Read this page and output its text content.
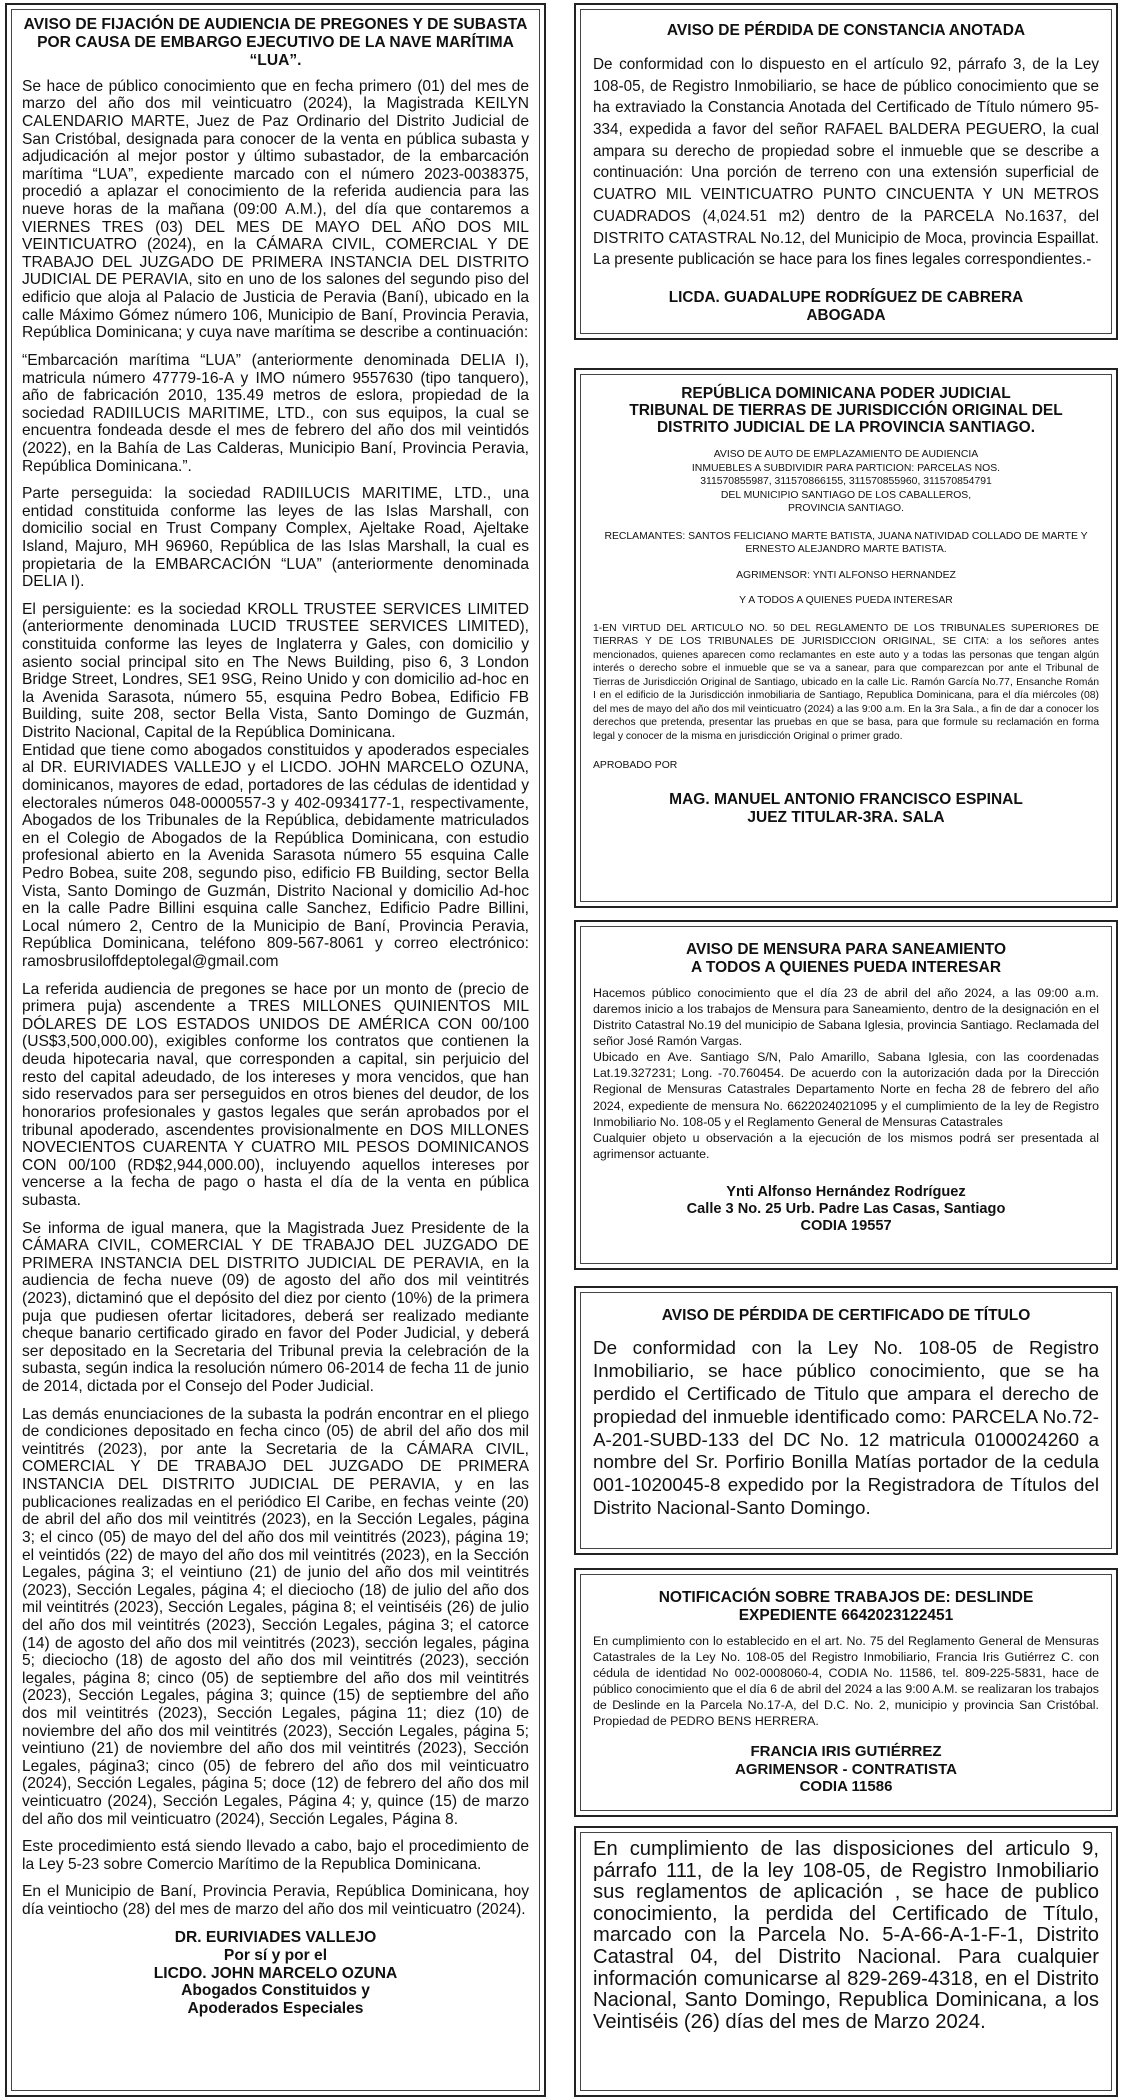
AVISO DE FIJACIÓN DE AUDIENCIA DE PREGONES Y DE SUBASTA POR CAUSA DE EMBARGO EJECUTIVO DE LA NAVE MARÍTIMA “LUA”.

Se hace de público conocimiento que en fecha primero (01) del mes de marzo del año dos mil veinticuatro (2024), la Magistrada KEILYN CALENDARIO MARTE, Juez de Paz Ordinario del Distrito Judicial de San Cristóbal, designada para conocer de la venta en pública subasta y adjudicación al mejor postor y último subastador, de la embarcación marítima “LUA”, expediente marcado con el número 2023-0038375, procedió a aplazar el conocimiento de la referida audiencia para las nueve horas de la mañana (09:00 A.M.), del día que contaremos a VIERNES TRES (03) DEL MES DE MAYO DEL AÑO DOS MIL VEINTICUATRO (2024), en la CÁMARA CIVIL, COMERCIAL Y DE TRABAJO DEL JUZGADO DE PRIMERA INSTANCIA DEL DISTRITO JUDICIAL DE PERAVIA, sito en uno de los salones del segundo piso del edificio que aloja al Palacio de Justicia de Peravia (Baní), ubicado en la calle Máximo Gómez número 106, Municipio de Baní, Provincia Peravia, República Dominicana; y cuya nave marítima se describe a continuación:

“Embarcación marítima “LUA” (anteriormente denominada DELIA I), matricula número 47779-16-A y IMO número 9557630 (tipo tanquero), año de fabricación 2010, 135.49 metros de eslora, propiedad de la sociedad RADIILUCIS MARITIME, LTD., con sus equipos, la cual se encuentra fondeada desde el mes de febrero del año dos mil veintidós (2022), en la Bahía de Las Calderas, Municipio Baní, Provincia Peravia, República Dominicana.”.

Parte perseguida: la sociedad RADIILUCIS MARITIME, LTD., una entidad constituida conforme las leyes de las Islas Marshall, con domicilio social en Trust Company Complex, Ajeltake Road, Ajeltake Island, Majuro, MH 96960, República de las Islas Marshall, la cual es propietaria de la EMBARCACIÓN “LUA” (anteriormente denominada DELIA I).

El persiguiente: es la sociedad KROLL TRUSTEE SERVICES LIMITED (anteriormente denominada LUCID TRUSTEE SERVICES LIMITED), constituida conforme las leyes de Inglaterra y Gales, con domicilio y asiento social principal sito en The News Building, piso 6, 3 London Bridge Street, Londres, SE1 9SG, Reino Unido y con domicilio ad-hoc en la Avenida Sarasota, número 55, esquina Pedro Bobea, Edificio FB Building, suite 208, sector Bella Vista, Santo Domingo de Guzmán, Distrito Nacional, Capital de la República Dominicana.
Entidad que tiene como abogados constituidos y apoderados especiales al DR. EURIVIADES VALLEJO y el LICDO. JOHN MARCELO OZUNA, dominicanos, mayores de edad, portadores de las cédulas de identidad y electorales números 048-0000557-3 y 402-0934177-1, respectivamente, Abogados de los Tribunales de la República, debidamente matriculados en el Colegio de Abogados de la República Dominicana, con estudio profesional abierto en la Avenida Sarasota número 55 esquina Calle Pedro Bobea, suite 208, segundo piso, edificio FB Building, sector Bella Vista, Santo Domingo de Guzmán, Distrito Nacional y domicilio Ad-hoc en la calle Padre Billini esquina calle Sanchez, Edificio Padre Billini, Local número 2, Centro de la Municipio de Baní, Provincia Peravia, República Dominicana, teléfono 809-567-8061 y correo electrónico: ramosbrusiloffdeptolegal@gmail.com

La referida audiencia de pregones se hace por un monto de (precio de primera puja) ascendente a TRES MILLONES QUINIENTOS MIL DÓLARES DE LOS ESTADOS UNIDOS DE AMÉRICA CON 00/100 (US$3,500,000.00), exigibles conforme los contratos que contienen la deuda hipotecaria naval, que corresponden a capital, sin perjuicio del resto del capital adeudado, de los intereses y mora vencidos, que han sido reservados para ser perseguidos en otros bienes del deudor, de los honorarios profesionales y gastos legales que serán aprobados por el tribunal apoderado, ascendentes provisionalmente en DOS MILLONES NOVECIENTOS CUARENTA Y CUATRO MIL PESOS DOMINICANOS CON 00/100 (RD$2,944,000.00), incluyendo aquellos intereses por vencerse a la fecha de pago o hasta el día de la venta en pública subasta.

Se informa de igual manera, que la Magistrada Juez Presidente de la CÁMARA CIVIL, COMERCIAL Y DE TRABAJO DEL JUZGADO DE PRIMERA INSTANCIA DEL DISTRITO JUDICIAL DE PERAVIA, en la audiencia de fecha nueve (09) de agosto del año dos mil veintitrés (2023), dictaminó que el depósito del diez por ciento (10%) de la primera puja que pudiesen ofertar licitadores, deberá ser realizado mediante cheque banario certificado girado en favor del Poder Judicial, y deberá ser depositado en la Secretaria del Tribunal previa la celebración de la subasta, según indica la resolución número 06-2014 de fecha 11 de junio de 2014, dictada por el Consejo del Poder Judicial.

Las demás enunciaciones de la subasta la podrán encontrar en el pliego de condiciones depositado en fecha cinco (05) de abril del año dos mil veintitrés (2023), por ante la Secretaria de la CÁMARA CIVIL, COMERCIAL Y DE TRABAJO DEL JUZGADO DE PRIMERA INSTANCIA DEL DISTRITO JUDICIAL DE PERAVIA, y en las publicaciones realizadas en el periódico El Caribe, en fechas veinte (20) de abril del año dos mil veintitrés (2023), en la Sección Legales, página 3; el cinco (05) de mayo del del año dos mil veintitrés (2023), página 19; el veintidós (22) de mayo del año dos mil veintitrés (2023), en la Sección Legales, página 3; el veintiuno (21) de junio del año dos mil veintitrés (2023), Sección Legales, página 4; el dieciocho (18) de julio del año dos mil veintitrés (2023), Sección Legales, página 8; el veintiséis (26) de julio del año dos mil veintitrés (2023), Sección Legales, página 3; el catorce (14) de agosto del año dos mil veintitrés (2023), sección legales, página 5; dieciocho (18) de agosto del año dos mil veintitrés (2023), sección legales, página 8; cinco (05) de septiembre del año dos mil veintitrés (2023), Sección Legales, página 3; quince (15) de septiembre del año dos mil veintitrés (2023), Sección Legales, página 11; diez (10) de noviembre del año dos mil veintitrés (2023), Sección Legales, página 5; veintiuno (21) de noviembre del año dos mil veintitrés (2023), Sección Legales, página3; cinco (05) de febrero del año dos mil veinticuatro (2024), Sección Legales, página 5; doce (12) de febrero del año dos mil veinticuatro (2024), Sección Legales, Página 4; y, quince (15) de marzo del año dos mil veinticuatro (2024), Sección Legales, Página 8.

Este procedimiento está siendo llevado a cabo, bajo el procedimiento de la Ley 5-23 sobre Comercio Marítimo de la Republica Dominicana.

En el Municipio de Baní, Provincia Peravia, República Dominicana, hoy día veintiocho (28) del mes de marzo del año dos mil veinticuatro (2024).

DR. EURIVIADES VALLEJO
Por sí y por el
LICDO. JOHN MARCELO OZUNA
Abogados Constituidos y
Apoderados Especiales
AVISO DE PÉRDIDA DE CONSTANCIA ANOTADA

De conformidad con lo dispuesto en el artículo 92, párrafo 3, de la Ley 108-05, de Registro Inmobiliario, se hace de público conocimiento que se ha extraviado la Constancia Anotada del Certificado de Título número 95-334, expedida a favor del señor RAFAEL BALDERA PEGUERO, la cual ampara su derecho de propiedad sobre el inmueble que se describe a continuación: Una porción de terreno con una extensión superficial de CUATRO MIL VEINTICUATRO PUNTO CINCUENTA Y UN METROS CUADRADOS (4,024.51 m2) dentro de la PARCELA No.1637, del DISTRITO CATASTRAL No.12, del Municipio de Moca, provincia Espaillat. La presente publicación se hace para los fines legales correspondientes.-

LICDA. GUADALUPE RODRÍGUEZ DE CABRERA
ABOGADA
REPÚBLICA DOMINICANA PODER JUDICIAL
TRIBUNAL DE TIERRAS DE JURISDICCIÓN ORIGINAL DEL
DISTRITO JUDICIAL DE LA PROVINCIA SANTIAGO.

AVISO DE AUTO DE EMPLAZAMIENTO DE AUDIENCIA
INMUEBLES A SUBDIVIDIR PARA PARTICION: PARCELAS NOS.
311570855987, 311570866155, 311570855960, 311570854791
DEL MUNICIPIO SANTIAGO DE LOS CABALLEROS,
PROVINCIA SANTIAGO.

RECLAMANTES: SANTOS FELICIANO MARTE BATISTA, JUANA NATIVIDAD COLLADO DE MARTE Y ERNESTO ALEJANDRO MARTE BATISTA.

AGRIMENSOR: YNTI ALFONSO HERNANDEZ

Y A TODOS A QUIENES PUEDA INTERESAR

1-EN VIRTUD DEL ARTICULO NO. 50 DEL REGLAMENTO DE LOS TRIBUNALES SUPERIORES DE TIERRAS Y DE LOS TRIBUNALES DE JURISDICCION ORIGINAL, SE CITA: a los señores antes mencionados, quienes aparecen como reclamantes en este auto y a todas las personas que tengan algún interés o derecho sobre el inmueble que se va a sanear, para que comparezcan por ante el Tribunal de Tierras de Jurisdicción Original de Santiago, ubicado en la calle Lic. Ramón García No.77, Ensanche Román I en el edificio de la Jurisdicción inmobiliaria de Santiago, Republica Dominicana, para el día miércoles (08) del mes de mayo del año dos mil veinticuatro (2024) a las 9:00 a.m. En la 3ra Sala., a fin de dar a conocer los derechos que pretenda, presentar las pruebas en que se basa, para que formule su reclamación en forma legal y conocer de la misma en jurisdicción Original o primer grado.

APROBADO POR

MAG. MANUEL ANTONIO FRANCISCO ESPINAL
JUEZ TITULAR-3RA. SALA
AVISO DE MENSURA PARA SANEAMIENTO
A TODOS A QUIENES PUEDA INTERESAR

Hacemos público conocimiento que el día 23 de abril del año 2024, a las 09:00 a.m. daremos inicio a los trabajos de Mensura para Saneamiento, dentro de la designación en el Distrito Catastral No.19 del municipio de Sabana Iglesia, provincia Santiago. Reclamada del señor José Ramón Vargas.
Ubicado en Ave. Santiago S/N, Palo Amarillo, Sabana Iglesia, con las coordenadas Lat.19.327231; Long. -70.760454. De acuerdo con la autorización dada por la Dirección Regional de Mensuras Catastrales Departamento Norte en fecha 28 de febrero del año 2024, expediente de mensura No. 6622024021095 y el cumplimiento de la ley de Registro Inmobiliario No. 108-05 y el Reglamento General de Mensuras Catastrales
Cualquier objeto u observación a la ejecución de los mismos podrá ser presentada al agrimensor actuante.

Ynti Alfonso Hernández Rodríguez
Calle 3 No. 25 Urb. Padre Las Casas, Santiago
CODIA 19557
AVISO DE PÉRDIDA DE CERTIFICADO DE TÍTULO

De conformidad con la Ley No. 108-05 de Registro Inmobiliario, se hace público conocimiento, que se ha perdido el Certificado de Titulo que ampara el derecho de propiedad del inmueble identificado como: PARCELA No.72-A-201-SUBD-133 del DC No. 12 matricula 0100024260 a nombre del Sr. Porfirio Bonilla Matías portador de la cedula 001-1020045-8 expedido por la Registradora de Títulos del Distrito Nacional-Santo Domingo.

NOTIFICACIÓN SOBRE TRABAJOS DE: DESLINDE
EXPEDIENTE 6642023122451

En cumplimiento con lo establecido en el art. No. 75 del Reglamento General de Mensuras Catastrales de la Ley No. 108-05 del Registro Inmobiliario, Francia Iris Gutiérrez C. con cédula de identidad No 002-0008060-4, CODIA No. 11586, tel. 809-225-5831, hace de público conocimiento que el día 6 de abril del 2024 a las 9:00 A.M. se realizaran los trabajos de Deslinde en la Parcela No.17-A, del D.C. No. 2, municipio y provincia San Cristóbal. Propiedad de PEDRO BENS HERRERA.

FRANCIA IRIS GUTIÉRREZ
AGRIMENSOR - CONTRATISTA
CODIA 11586

En cumplimiento de las disposiciones del articulo 9, párrafo 111, de la ley 108-05, de Registro Inmobiliario sus reglamentos de aplicación , se hace de publico conocimiento, la perdida del Certificado de Título, marcado con la Parcela No. 5-A-66-A-1-F-1, Distrito Catastral 04, del Distrito Nacional. Para cualquier información comunicarse al 829-269-4318, en el Distrito Nacional, Santo Domingo, Republica Dominicana, a los Veintiséis (26) días del mes de Marzo 2024.
